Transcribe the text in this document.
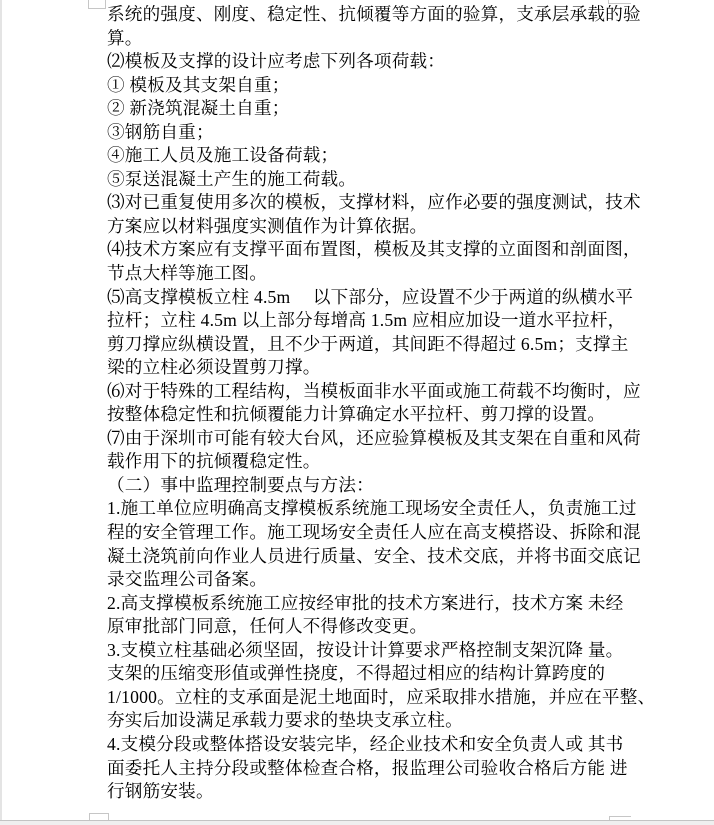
系统的强度、刚度、稳定性、抗倾覆等方面的验算，支承层承载的验
算。
⑵模板及支撑的设计应考虑下列各项荷载：
① 模板及其支架自重；
② 新浇筑混凝土自重；
③钢筋自重；
④施工人员及施工设备荷载；
⑤泵送混凝土产生的施工荷载。
⑶对已重复使用多次的模板，支撑材料，应作必要的强度测试，技术
方案应以材料强度实测值作为计算依据。
⑷技术方案应有支撑平面布置图，模板及其支撑的立面图和剖面图，
节点大样等施工图。
⑸高支撑模板立柱 4.5m　 以下部分，应设置不少于两道的纵横水平
拉杆；立柱 4.5m 以上部分每增高 1.5m 应相应加设一道水平拉杆，
剪刀撑应纵横设置，且不少于两道，其间距不得超过 6.5m；支撑主
梁的立柱必须设置剪刀撑。
⑹对于特殊的工程结构，当模板面非水平面或施工荷载不均衡时，应
按整体稳定性和抗倾覆能力计算确定水平拉杆、剪刀撑的设置。
⑺由于深圳市可能有较大台风，还应验算模板及其支架在自重和风荷
载作用下的抗倾覆稳定性。
（二）事中监理控制要点与方法：
1.施工单位应明确高支撑模板系统施工现场安全责任人，负责施工过
程的安全管理工作。施工现场安全责任人应在高支模搭设、拆除和混
凝土浇筑前向作业人员进行质量、安全、技术交底，并将书面交底记
录交监理公司备案。
2.高支撑模板系统施工应按经审批的技术方案进行，技术方案 未经
原审批部门同意，任何人不得修改变更。
3.支模立柱基础必须坚固，按设计计算要求严格控制支架沉降 量。
支架的压缩变形值或弹性挠度，不得超过相应的结构计算跨度的
1/1000。立柱的支承面是泥土地面时，应采取排水措施，并应在平整、
夯实后加设满足承载力要求的垫块支承立柱。
4.支模分段或整体搭设安装完毕，经企业技术和安全负责人或 其书
面委托人主持分段或整体检查合格，报监理公司验收合格后方能 进
行钢筋安装。
